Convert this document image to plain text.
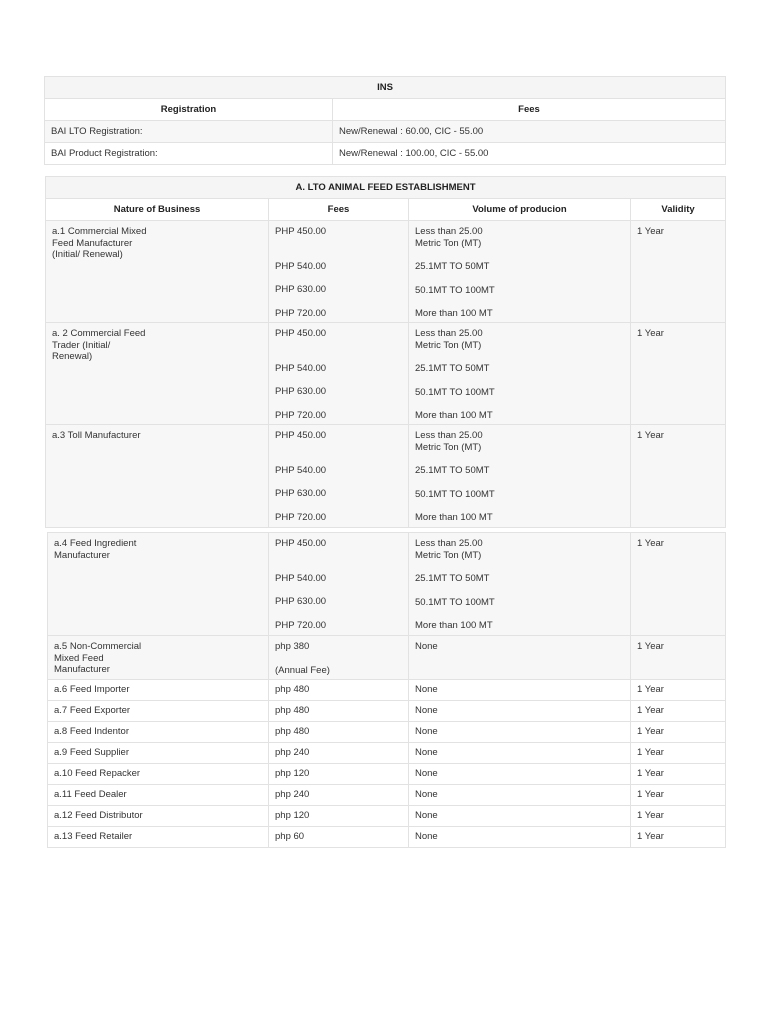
INS	
Registration	Fees
BAI LTO Registration:	New/Renewal : 60.00, CIC - 55.00
BAI Product Registration:	New/Renewal : 100.00, CIC - 55.00
A. LTO ANIMAL FEED ESTABLISHMENT			
Nature of Business	Fees	Volume of producion	Validity

a.1 Commercial Mixed
Feed Manufacturer
(Initial/ Renewal)	PHP 450.00
PHP 540.00
PHP 630.00
PHP 720.00	Less than 25.00
Metric Ton (MT)
25.1MT TO 50MT
50.1MT TO 100MT
More than 100 MT	1 Year

a. 2 Commercial Feed
Trader (Initial/
Renewal)	PHP 450.00
PHP 540.00
PHP 630.00
PHP 720.00	Less than 25.00
Metric Ton (MT)
25.1MT TO 50MT
50.1MT TO 100MT
More than 100 MT	1 Year

a.3 Toll Manufacturer	PHP 450.00
PHP 540.00
PHP 630.00
PHP 720.00	Less than 25.00
Metric Ton (MT)
25.1MT TO 50MT
50.1MT TO 100MT
More than 100 MT	1 Year
a.4 Feed Ingredient
Manufacturer	PHP 450.00
PHP 540.00
PHP 630.00
PHP 720.00	Less than 25.00
Metric Ton (MT)
25.1MT TO 50MT
50.1MT TO 100MT
More than 100 MT	1 Year

a.5 Non-Commercial
Mixed Feed
Manufacturer	php 380
(Annual Fee)	None	1 Year
a.6 Feed Importer	php 480	None	1 Year
a.7 Feed Exporter	php 480	None	1 Year
a.8 Feed Indentor	php 480	None	1 Year
a.9 Feed Supplier	php 240	None	1 Year
a.10 Feed Repacker	php 120	None	1 Year
a.11 Feed Dealer	php 240	None	1 Year
a.12 Feed Distributor	php 120	None	1 Year
a.13 Feed Retailer	php 60	None	1 Year
